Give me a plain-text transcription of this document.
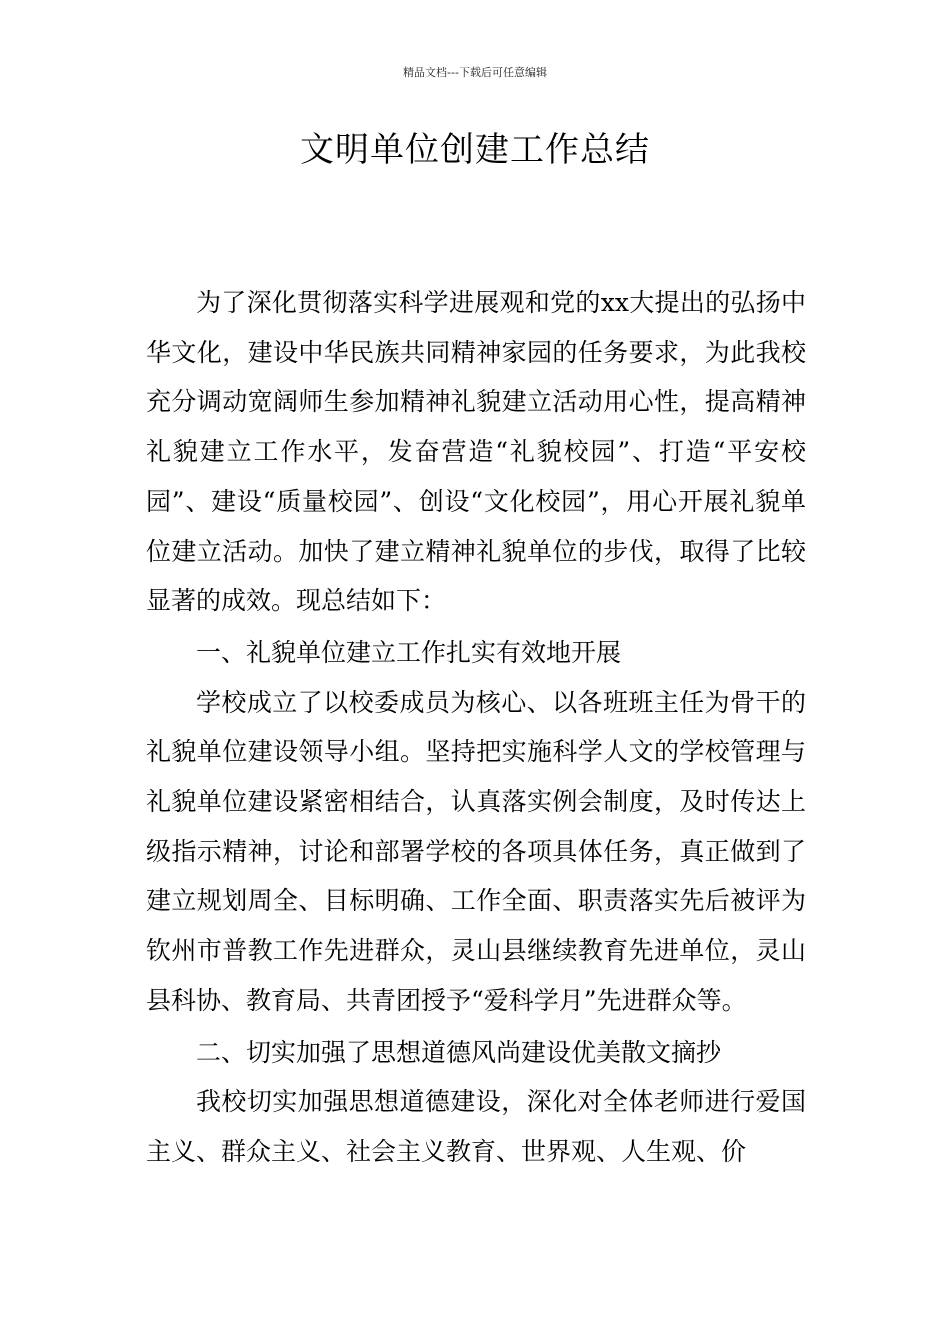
精品文档---下载后可任意编辑
文明单位创建工作总结

为了深化贯彻落实科学进展观和党的xx大提出的弘扬中华文化，建设中华民族共同精神家园的任务要求，为此我校充分调动宽阔师生参加精神礼貌建立活动用心性，提高精神礼貌建立工作水平，发奋营造“礼貌校园”、打造“平安校园”、建设“质量校园”、创设“文化校园”，用心开展礼貌单位建立活动。加快了建立精神礼貌单位的步伐，取得了比较显著的成效。现总结如下：

一、礼貌单位建立工作扎实有效地开展

学校成立了以校委成员为核心、以各班班主任为骨干的礼貌单位建设领导小组。坚持把实施科学人文的学校管理与礼貌单位建设紧密相结合，认真落实例会制度，及时传达上级指示精神，讨论和部署学校的各项具体任务，真正做到了建立规划周全、目标明确、工作全面、职责落实先后被评为钦州市普教工作先进群众，灵山县继续教育先进单位，灵山县科协、教育局、共青团授予“爱科学月”先进群众等。

二、切实加强了思想道德风尚建设优美散文摘抄

我校切实加强思想道德建设，深化对全体老师进行爱国主义、群众主义、社会主义教育、世界观、人生观、价
